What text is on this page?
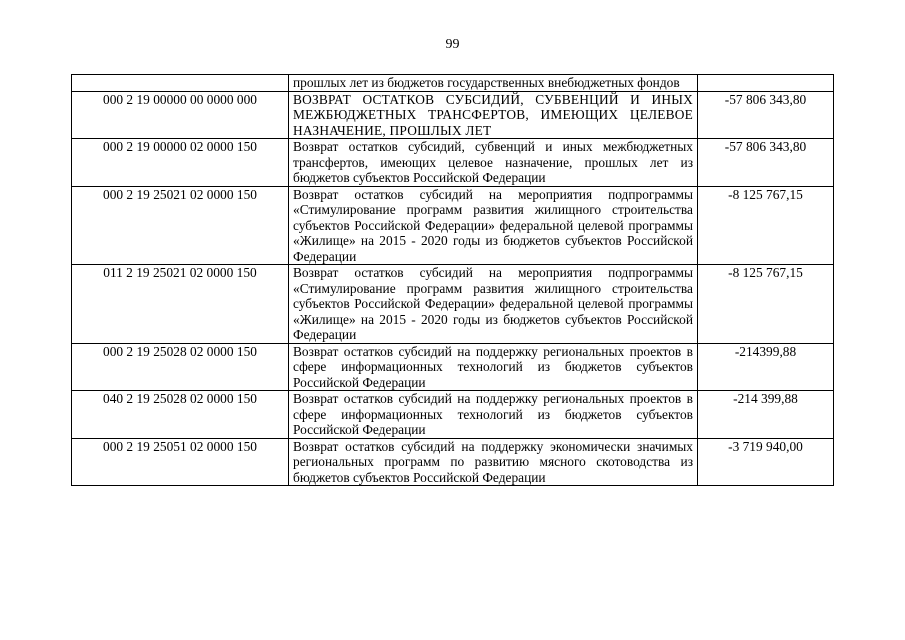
99
	прошлых лет из бюджетов государственных внебюджетных фондов	
000 2 19 00000 00 0000 000	ВОЗВРАТ ОСТАТКОВ СУБСИДИЙ, СУБВЕНЦИЙ И ИНЫХ МЕЖБЮДЖЕТНЫХ ТРАНСФЕРТОВ, ИМЕЮЩИХ ЦЕЛЕВОЕ НАЗНАЧЕНИЕ, ПРОШЛЫХ ЛЕТ	-57 806 343,80
000 2 19 00000 02 0000 150	Возврат остатков субсидий, субвенций и иных межбюджетных трансфертов, имеющих целевое назначение, прошлых лет из бюджетов субъектов Российской Федерации	-57 806 343,80
000 2 19 25021 02 0000 150	Возврат остатков субсидий на мероприятия подпрограммы «Стимулирование программ развития жилищного строительства субъектов Российской Федерации» федеральной целевой программы «Жилище» на 2015 - 2020 годы из бюджетов субъектов Российской Федерации	-8 125 767,15
011 2 19 25021 02 0000 150	Возврат остатков субсидий на мероприятия подпрограммы «Стимулирование программ развития жилищного строительства субъектов Российской Федерации» федеральной целевой программы «Жилище» на 2015 - 2020 годы из бюджетов субъектов Российской Федерации	-8 125 767,15
000 2 19 25028 02 0000 150	Возврат остатков субсидий на поддержку региональных проектов в сфере информационных технологий из бюджетов субъектов Российской Федерации	-214399,88
040 2 19 25028 02 0000 150	Возврат остатков субсидий на поддержку региональных проектов в сфере информационных технологий из бюджетов субъектов Российской Федерации	-214 399,88
000 2 19 25051 02 0000 150	Возврат остатков субсидий на поддержку экономически значимых региональных программ по развитию мясного скотоводства из бюджетов субъектов Российской Федерации	-3 719 940,00
